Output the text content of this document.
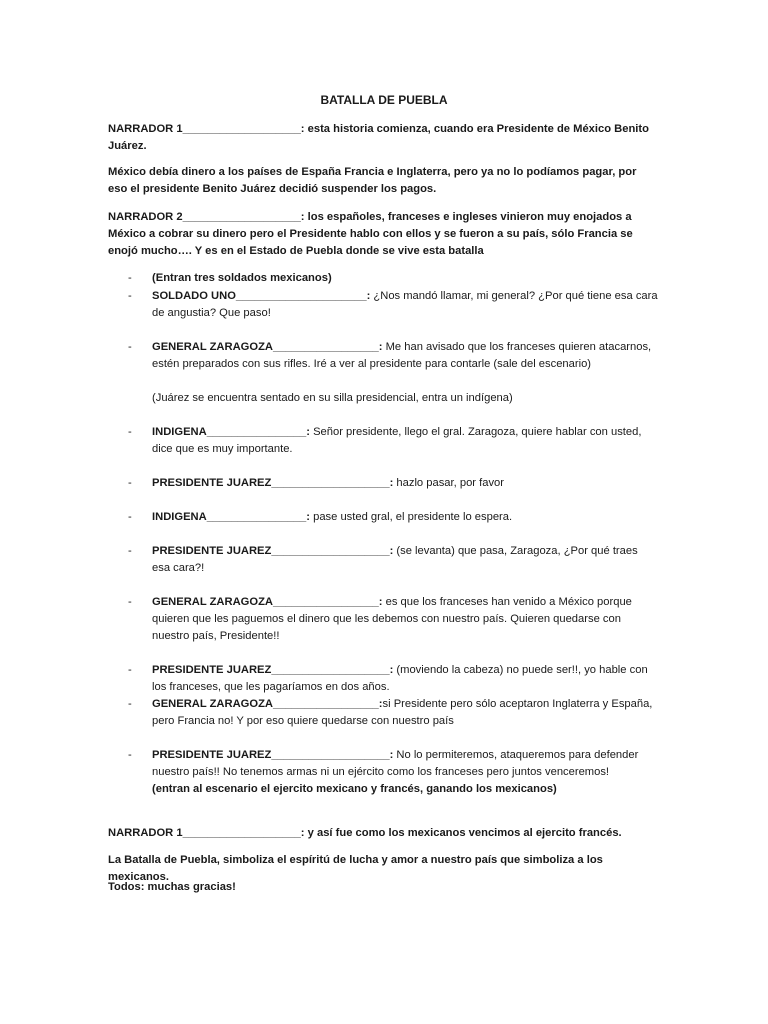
BATALLA DE PUEBLA
NARRADOR 1___________________: esta historia comienza, cuando era Presidente de México Benito Juárez.
México debía dinero a los países de España Francia e Inglaterra, pero ya no lo podíamos pagar, por eso el presidente Benito Juárez decidió suspender los pagos.
NARRADOR 2___________________: los españoles, franceses e ingleses vinieron muy enojados a México a cobrar su dinero pero el Presidente hablo con ellos y se fueron a su país, sólo Francia se enojó mucho…. Y es en el Estado de Puebla donde se vive esta batalla
- (Entran tres soldados mexicanos)
- SOLDADO UNO_____________________: ¿Nos mandó llamar, mi general? ¿Por qué tiene esa cara de angustia? Que paso!
- GENERAL ZARAGOZA_________________: Me han avisado que los franceses quieren atacarnos, estén preparados con sus rifles. Iré a ver al presidente para contarle (sale del escenario)
(Juárez se encuentra sentado en su silla presidencial, entra un indígena)
- INDIGENA________________: Señor presidente, llego el gral. Zaragoza, quiere hablar con usted, dice que es muy importante.
- PRESIDENTE JUAREZ___________________: hazlo pasar, por favor
- INDIGENA________________: pase usted gral, el presidente lo espera.
- PRESIDENTE JUAREZ___________________: (se levanta) que pasa, Zaragoza, ¿Por qué traes esa cara?!
- GENERAL ZARAGOZA_________________: es que los franceses han venido a México porque quieren que les paguemos el dinero que les debemos con nuestro país. Quieren quedarse con nuestro país, Presidente!!
- PRESIDENTE JUAREZ___________________: (moviendo la cabeza) no puede ser!!, yo hable con los franceses, que les pagaríamos en dos años.
- GENERAL ZARAGOZA_________________:si Presidente pero sólo aceptaron Inglaterra y España, pero Francia no! Y por eso quiere quedarse con nuestro país
- PRESIDENTE JUAREZ___________________: No lo permiteremos, ataqueremos para defender nuestro país!! No tenemos armas ni un ejército como los franceses pero juntos venceremos!
(entran al escenario el ejercito mexicano y francés, ganando los mexicanos)
NARRADOR 1___________________: y así fue como los mexicanos vencimos al ejercito francés.
La Batalla de Puebla, simboliza el espíritú de lucha y amor a nuestro país que simboliza a los mexicanos.
Todos: muchas gracias!
